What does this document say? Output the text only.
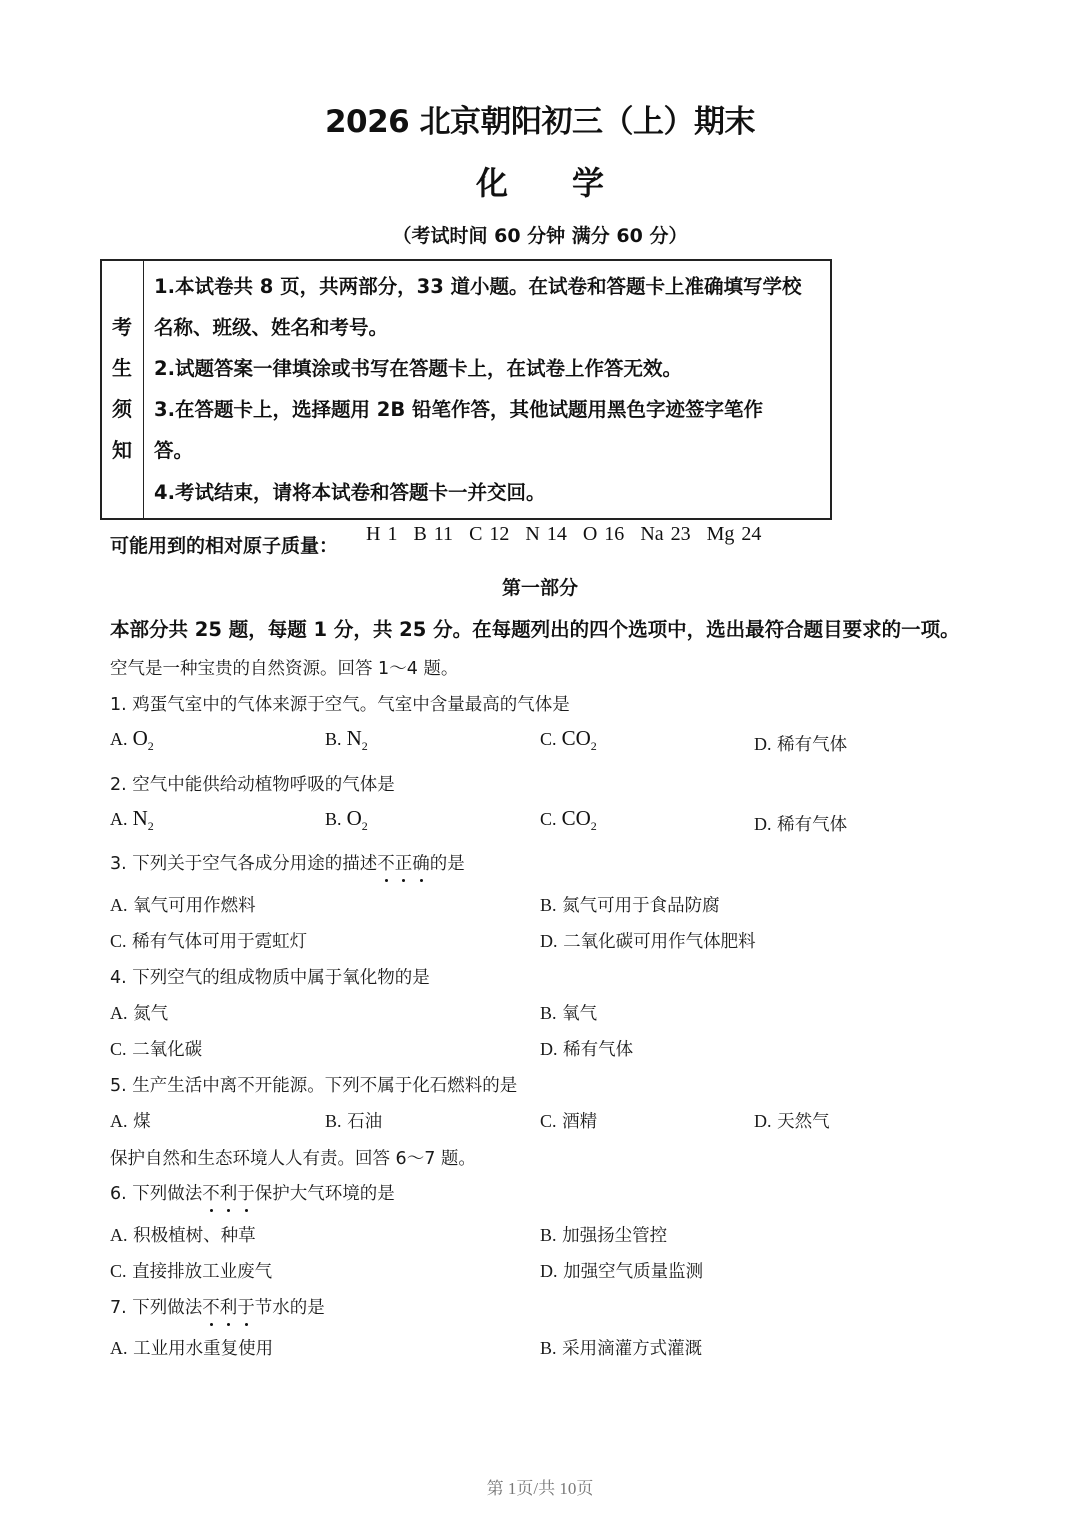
2026 北京朝阳初三（上）期末
化 学
（考试时间 60 分钟 满分 60 分）
考
生
须
知
1.本试卷共 8 页，共两部分，33 道小题。在试卷和答题卡上准确填写学校
名称、班级、姓名和考号。
2.试题答案一律填涂或书写在答题卡上，在试卷上作答无效。
3.在答题卡上，选择题用 2B 铅笔作答，其他试题用黑色字迹签字笔作
答。
4.考试结束，请将本试卷和答题卡一并交回。
可能用到的相对原子质量：
H 1 B 11 C 12 N 14 O 16 Na 23 Mg 24
第一部分
本部分共 25 题，每题 1 分，共 25 分。在每题列出的四个选项中，选出最符合题目要求的一项。
空气是一种宝贵的自然资源。回答 1～4 题。
1. 鸡蛋气室中的气体来源于空气。气室中含量最高的气体是
A. $O_2$	B. $N_2$	C. $CO_2$	D. 稀有气体
2. 空气中能供给动植物呼吸的气体是
A. $N_2$	B. $O_2$	C. $CO_2$	D. 稀有气体
3. 下列关于空气各成分用途的描述不正确的是
A. 氧气可用作燃料	B. 氮气可用于食品防腐
C. 稀有气体可用于霓虹灯	D. 二氧化碳可用作气体肥料
4. 下列空气的组成物质中属于氧化物的是
A. 氮气	B. 氧气
C. 二氧化碳	D. 稀有气体
5. 生产生活中离不开能源。下列不属于化石燃料的是
A. 煤	B. 石油	C. 酒精	D. 天然气
保护自然和生态环境人人有责。回答 6～7 题。
6. 下列做法不利于保护大气环境的是
A. 积极植树、种草	B. 加强扬尘管控
C. 直接排放工业废气	D. 加强空气质量监测
7. 下列做法不利于节水的是
A. 工业用水重复使用	B. 采用滴灌方式灌溉
第 1页/共 10页
